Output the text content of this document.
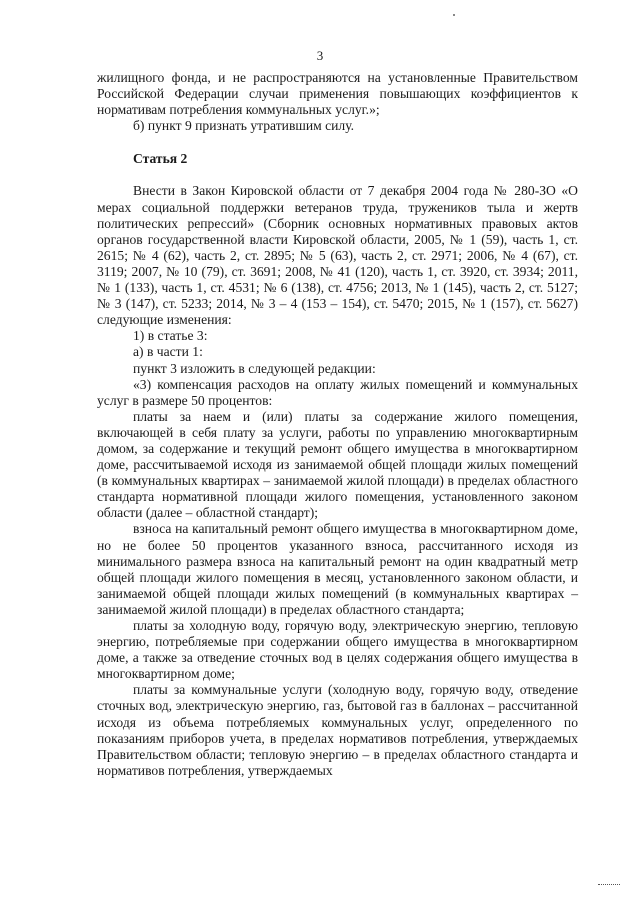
3

жилищного фонда, и не распространяются на установленные Правительством Российской Федерации случаи применения повышающих коэффициентов к нормативам потребления коммунальных услуг.»;

б) пункт 9 признать утратившим силу.

Статья 2

Внести в Закон Кировской области от 7 декабря 2004 года № 280-ЗО «О мерах социальной поддержки ветеранов труда, тружеников тыла и жертв политических репрессий» (Сборник основных нормативных правовых актов органов государственной власти Кировской области, 2005, № 1 (59), часть 1, ст. 2615; № 4 (62), часть 2, ст. 2895; № 5 (63), часть 2, ст. 2971; 2006, № 4 (67), ст. 3119; 2007, № 10 (79), ст. 3691; 2008, № 41 (120), часть 1, ст. 3920, ст. 3934; 2011, № 1 (133), часть 1, ст. 4531; № 6 (138), ст. 4756; 2013, № 1 (145), часть 2, ст. 5127; № 3 (147), ст. 5233; 2014, № 3 – 4 (153 – 154), ст. 5470; 2015, № 1 (157), ст. 5627) следующие изменения:

1) в статье 3:

а) в части 1:

пункт 3 изложить в следующей редакции:

«3) компенсация расходов на оплату жилых помещений и коммунальных услуг в размере 50 процентов:

платы за наем и (или) платы за содержание жилого помещения, включающей в себя плату за услуги, работы по управлению многоквартирным домом, за содержание и текущий ремонт общего имущества в многоквартирном доме, рассчитываемой исходя из занимаемой общей площади жилых помещений (в коммунальных квартирах – занимаемой жилой площади) в пределах областного стандарта нормативной площади жилого помещения, установленного законом области (далее – областной стандарт);

взноса на капитальный ремонт общего имущества в многоквартирном доме, но не более 50 процентов указанного взноса, рассчитанного исходя из минимального размера взноса на капитальный ремонт на один квадратный метр общей площади жилого помещения в месяц, установленного законом области, и занимаемой общей площади жилых помещений (в коммунальных квартирах – занимаемой жилой площади) в пределах областного стандарта;

платы за холодную воду, горячую воду, электрическую энергию, тепловую энергию, потребляемые при содержании общего имущества в многоквартирном доме, а также за отведение сточных вод в целях содержания общего имущества в многоквартирном доме;

платы за коммунальные услуги (холодную воду, горячую воду, отведение сточных вод, электрическую энергию, газ, бытовой газ в баллонах – рассчитанной исходя из объема потребляемых коммунальных услуг, определенного по показаниям приборов учета, в пределах нормативов потребления, утверждаемых Правительством области; тепловую энергию – в пределах областного стандарта и нормативов потребления, утверждаемых
